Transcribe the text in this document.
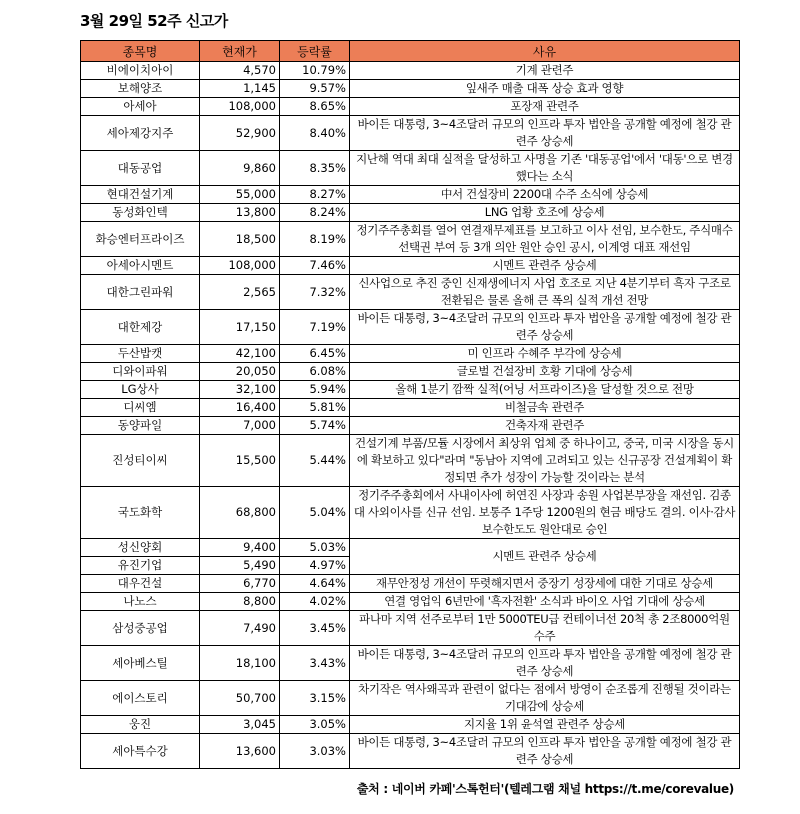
3월 29일 52주 신고가
종목명	현재가	등락률	사유
비에이치아이	4,570	10.79%	기계 관련주
보해양조	1,145	9.57%	잎새주 매출 대폭 상승 효과 영향
아세아	108,000	8.65%	포장재 관련주
세아제강지주	52,900	8.40%	바이든 대통령, 3~4조달러 규모의 인프라 투자 법안을 공개할 예정에 철강 관련주 상승세
대동공업	9,860	8.35%	지난해 역대 최대 실적을 달성하고 사명을 기존 '대동공업'에서 '대동'으로 변경했다는 소식
현대건설기계	55,000	8.27%	中서 건설장비 2200대 수주 소식에 상승세
동성화인텍	13,800	8.24%	LNG 업황 호조에 상승세
화승엔터프라이즈	18,500	8.19%	정기주주총회를 열어 연결재무제표를 보고하고 이사 선임, 보수한도, 주식매수선택권 부여 등 3개 의안 원안 승인 공시, 이계영 대표 재선임
아세아시멘트	108,000	7.46%	시멘트 관련주 상승세
대한그린파워	2,565	7.32%	신사업으로 추진 중인 신재생에너지 사업 호조로 지난 4분기부터 흑자 구조로 전환됨은 물론 올해 큰 폭의 실적 개선 전망
대한제강	17,150	7.19%	바이든 대통령, 3~4조달러 규모의 인프라 투자 법안을 공개할 예정에 철강 관련주 상승세
두산밥캣	42,100	6.45%	미 인프라 수혜주 부각에 상승세
디와이파워	20,050	6.08%	글로벌 건설장비 호황 기대에 상승세
LG상사	32,100	5.94%	올해 1분기 깜짝 실적(어닝 서프라이즈)을 달성할 것으로 전망
디씨엠	16,400	5.81%	비철금속 관련주
동양파일	7,000	5.74%	건축자재 관련주
진성티이씨	15,500	5.44%	건설기계 부품/모듈 시장에서 최상위 업체 중 하나이고, 중국, 미국 시장을 동시에 확보하고 있다"라며 "동남아 지역에 고려되고 있는 신규공장 건설계획이 확정되면 추가 성장이 가능할 것이라는 분석
국도화학	68,800	5.04%	정기주주총회에서 사내이사에 허연진 사장과 송원 사업본부장을 재선임. 김종대 사외이사를 신규 선임. 보통주 1주당 1200원의 현금 배당도 결의. 이사·감사 보수한도도 원안대로 승인
성신양회	9,400	5.03%	시멘트 관련주 상승세
유진기업	5,490	4.97%	
대우건설	6,770	4.64%	재무안정성 개선이 뚜렷해지면서 중장기 성장세에 대한 기대로 상승세
나노스	8,800	4.02%	연결 영업익 6년만에 '흑자전환' 소식과 바이오 사업 기대에 상승세
삼성중공업	7,490	3.45%	파나마 지역 선주로부터 1만 5000TEU급 컨테이너선 20척 총 2조8000억원 수주
세아베스틸	18,100	3.43%	바이든 대통령, 3~4조달러 규모의 인프라 투자 법안을 공개할 예정에 철강 관련주 상승세
에이스토리	50,700	3.15%	차기작은 역사왜곡과 관련이 없다는 점에서 방영이 순조롭게 진행될 것이라는 기대감에 상승세
웅진	3,045	3.05%	지지율 1위 윤석열 관련주 상승세
세아특수강	13,600	3.03%	바이든 대통령, 3~4조달러 규모의 인프라 투자 법안을 공개할 예정에 철강 관련주 상승세
출처 : 네이버 카페'스톡헌터'(텔레그램 채널 https://t.me/corevalue)
